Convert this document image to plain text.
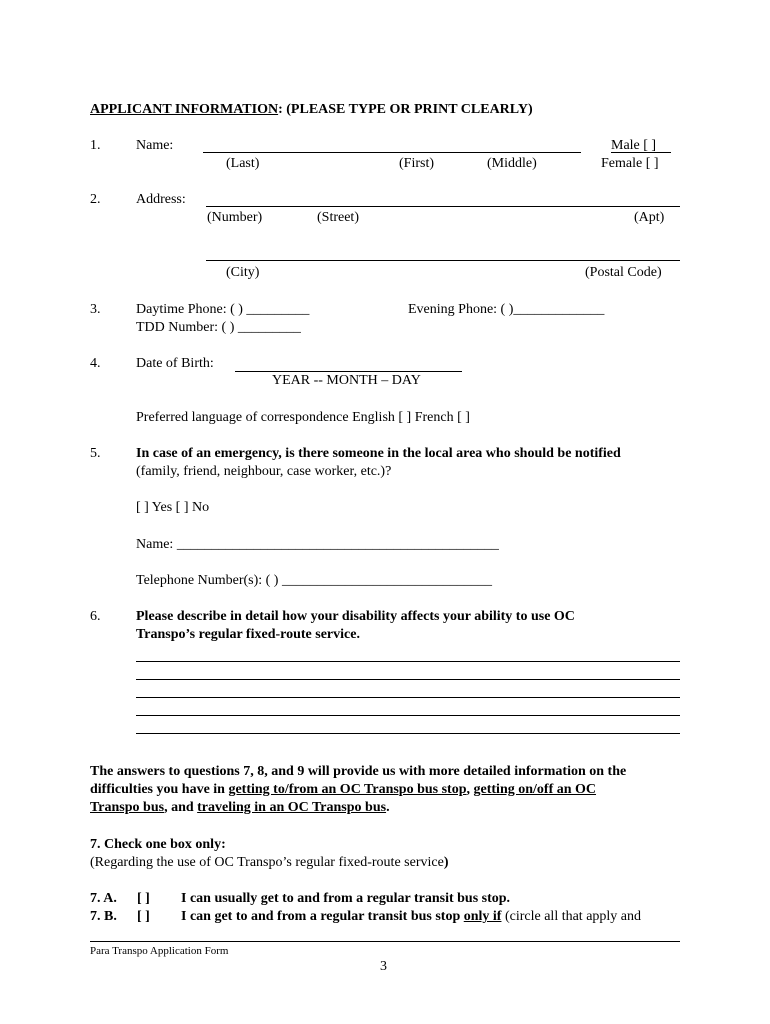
APPLICANT INFORMATION: (PLEASE TYPE OR PRINT CLEARLY)
1.	Name:	Male [ ]
(Last)	(First)	(Middle)	Female [ ]
2.	Address:
(Number)	(Street)	(Apt)
(City)	(Postal Code)
3.	Daytime Phone: ( ) _________	Evening Phone: ( )_____________
TDD Number: ( ) _________
4.	Date of Birth:
YEAR -- MONTH – DAY
Preferred language of correspondence English [ ] French [ ]
5.	In case of an emergency, is there someone in the local area who should be notified
(family, friend, neighbour, case worker, etc.)?
[ ] Yes [ ] No
Name: ______________________________________________
Telephone Number(s): ( ) ______________________________
6.	Please describe in detail how your disability affects your ability to use OC
Transpo’s regular fixed-route service.
The answers to questions 7, 8, and 9 will provide us with more detailed information on the
difficulties you have in getting to/from an OC Transpo bus stop, getting on/off an OC
Transpo bus, and traveling in an OC Transpo bus.
7. Check one box only:
(Regarding the use of OC Transpo’s regular fixed-route service)
7. A. [ ] I can usually get to and from a regular transit bus stop.
7. B. [ ] I can get to and from a regular transit bus stop only if (circle all that apply and
Para Transpo Application Form
3
